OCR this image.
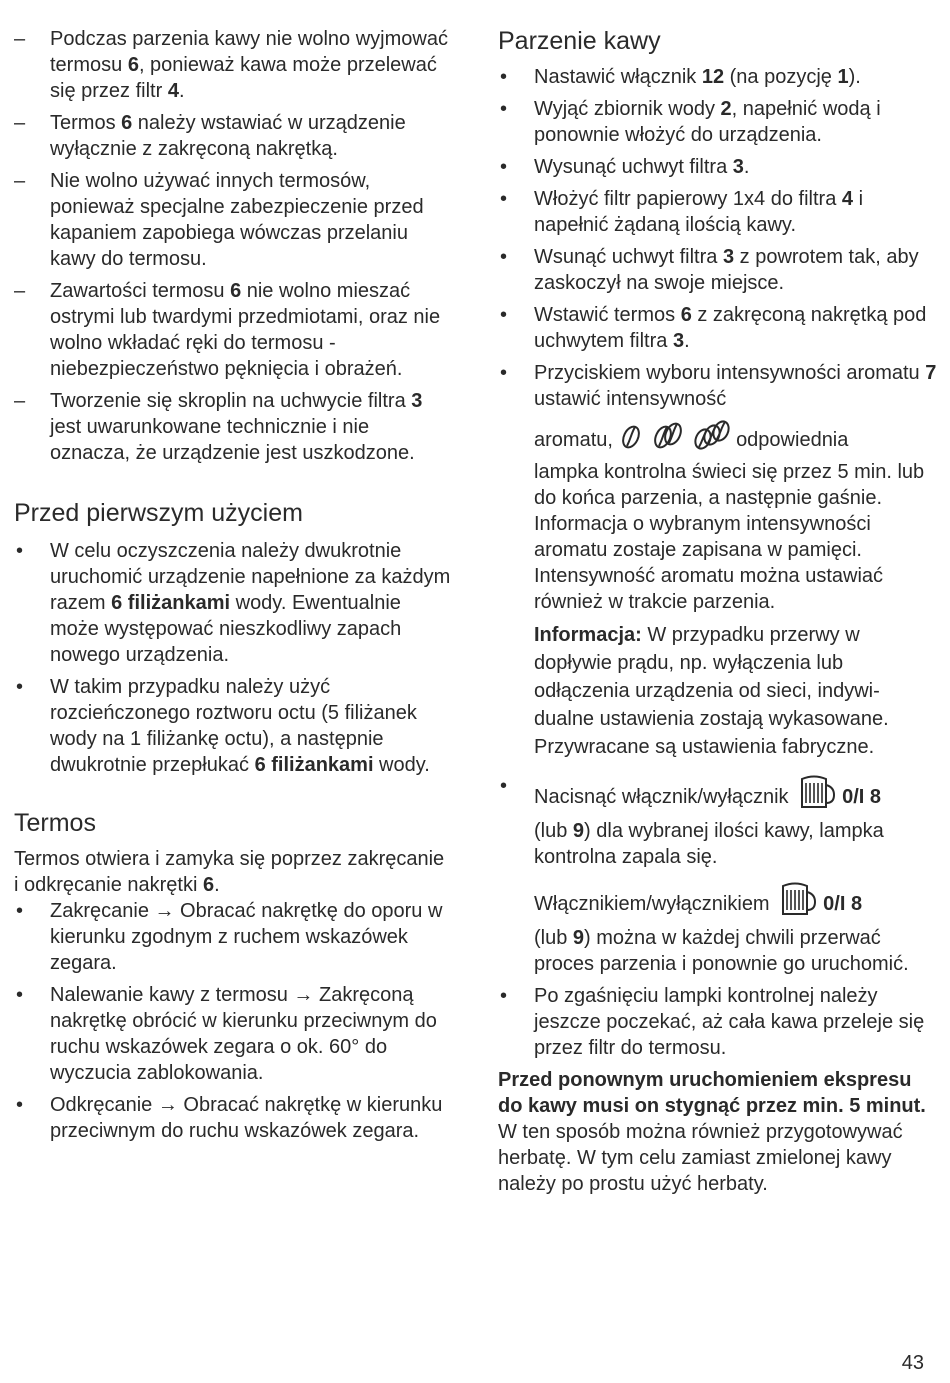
– Podczas parzenia kawy nie wolno wyjmować termosu 6, ponieważ kawa może przelewać się przez filtr 4.
– Termos 6 należy wstawiać w urządzenie wyłącznie z zakręconą nakrętką.
– Nie wolno używać innych termosów, ponieważ specjalne zabezpieczenie przed kapaniem zapobiega wówczas przelaniu kawy do termosu.
– Zawartości termosu 6 nie wolno mieszać ostrymi lub twardymi przedmiotami, oraz nie wolno wkładać ręki do termosu - niebezpieczeństwo pęknięcia i obrażeń.
– Tworzenie się skroplin na uchwycie filtra 3 jest uwarunkowane technicznie i nie oznacza, że urządzenie jest uszkodzone.
Przed pierwszym użyciem
• W celu oczyszczenia należy dwukrotnie uruchomić urządzenie napełnione za każdym razem 6 filiżankami wody. Ewentualnie może występować nieszkodliwy zapach nowego urządzenia.
• W takim przypadku należy użyć rozcieńczonego roztworu octu (5 filiżanek wody na 1 filiżankę octu), a następnie dwukrotnie przepłukać 6 filiżankami wody.
Termos

Termos otwiera i zamyka się poprzez zakręcanie i odkręcanie nakrętki 6.

• Zakręcanie → Obracać nakrętkę do oporu w kierunku zgodnym z ruchem wskazówek zegara.
• Nalewanie kawy z termosu → Zakręconą nakrętkę obrócić w kierunku przeciwnym do ruchu wskazówek zegara o ok. 60° do wyczucia zablokowania.
• Odkręcanie → Obracać nakrętkę w kierunku przeciwnym do ruchu wskazówek zegara.
Parzenie kawy
• Nastawić włącznik 12 (na pozycję 1).
• Wyjąć zbiornik wody 2, napełnić wodą i ponownie włożyć do urządzenia.
• Wysunąć uchwyt filtra 3.
• Włożyć filtr papierowy 1x4 do filtra 4 i napełnić żądaną ilością kawy.
• Wsunąć uchwyt filtra 3 z powrotem tak, aby zaskoczył na swoje miejsce.
• Wstawić termos 6 z zakręconą nakrętką pod uchwytem filtra 3.
• Przyciskiem wyboru intensywności aromatu 7 ustawić intensywność
aromatu,	odpowiednia
lampka kontrolna świeci się przez 5 min. lub do końca parzenia, a następnie gaśnie. Informacja o wybranym intensywności aromatu zostaje zapisana w pamięci. Intensywność aromatu można ustawiać również w trakcie parzenia.
Informacja: W przypadku przerwy w dopływie prądu, np. wyłączenia lub odłączenia urządzenia od sieci, indywi-dualne ustawienia zostają wykasowane. Przywracane są ustawienia fabryczne.
• Nacisnąć włącznik/wyłącznik	0/I 8
(lub 9) dla wybranej ilości kawy, lampka kontrolna zapala się.
Włącznikiem/wyłącznikiem	0/I 8
(lub 9) można w każdej chwili przerwać proces parzenia i ponownie go uruchomić.
• Po zgaśnięciu lampki kontrolnej należy jeszcze poczekać, aż cała kawa przeleje się przez filtr do termosu.

Przed ponownym uruchomieniem ekspresu do kawy musi on stygnąć przez min. 5 minut.

W ten sposób można również przygotowywać herbatę. W tym celu zamiast zmielonej kawy należy po prostu użyć herbaty.

43
